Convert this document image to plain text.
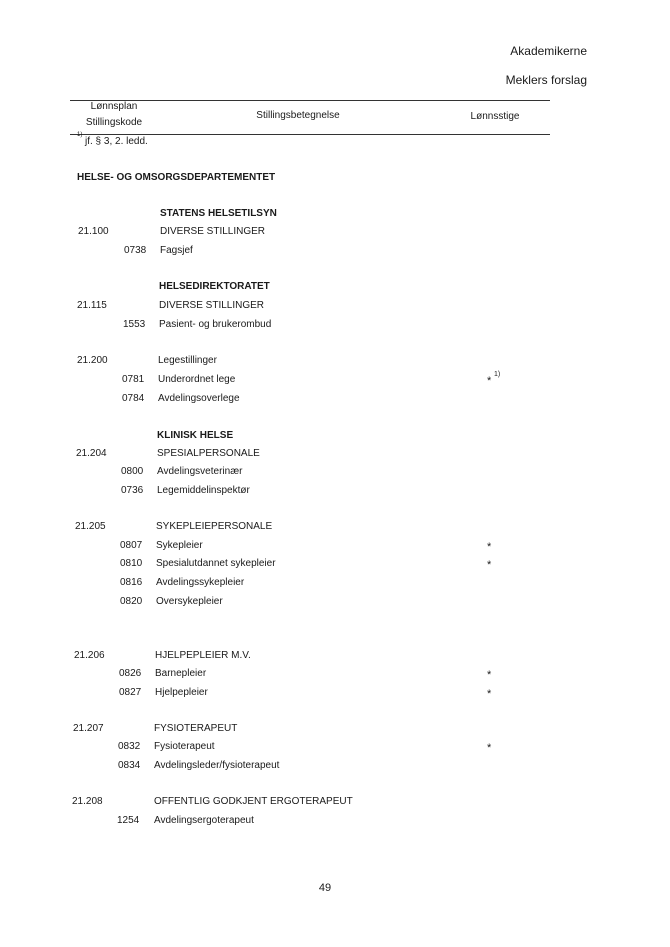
Akademikerne
Meklers forslag
Lønnsplan
Stillingskode
Stillingsbetegnelse	Lønnsstige
1)
jf. § 3, 2. ledd.
HELSE- OG OMSORGSDEPARTEMENTET
STATENS HELSETILSYN
21.100	DIVERSE STILLINGER
0738 Fagsjef
HELSEDIREKTORATET
21.115	DIVERSE STILLINGER
1553 Pasient- og brukerombud
21.200	Legestillinger
0781 Underordnet lege	*
1)
0784 Avdelingsoverlege
KLINISK HELSE
21.204	SPESIALPERSONALE
0800 Avdelingsveterinær
0736 Legemiddelinspektør
21.205	SYKEPLEIEPERSONALE
0807 Sykepleier	*
0810 Spesialutdannet sykepleier	*
0816 Avdelingssykepleier
0820 Oversykepleier
21.206	HJELPEPLEIER M.V.
0826 Barnepleier	*
0827 Hjelpepleier	*
21.207	FYSIOTERAPEUT
0832 Fysioterapeut	*
0834 Avdelingsleder/fysioterapeut
21.208	OFFENTLIG GODKJENT ERGOTERAPEUT
1254 Avdelingsergoterapeut
49
